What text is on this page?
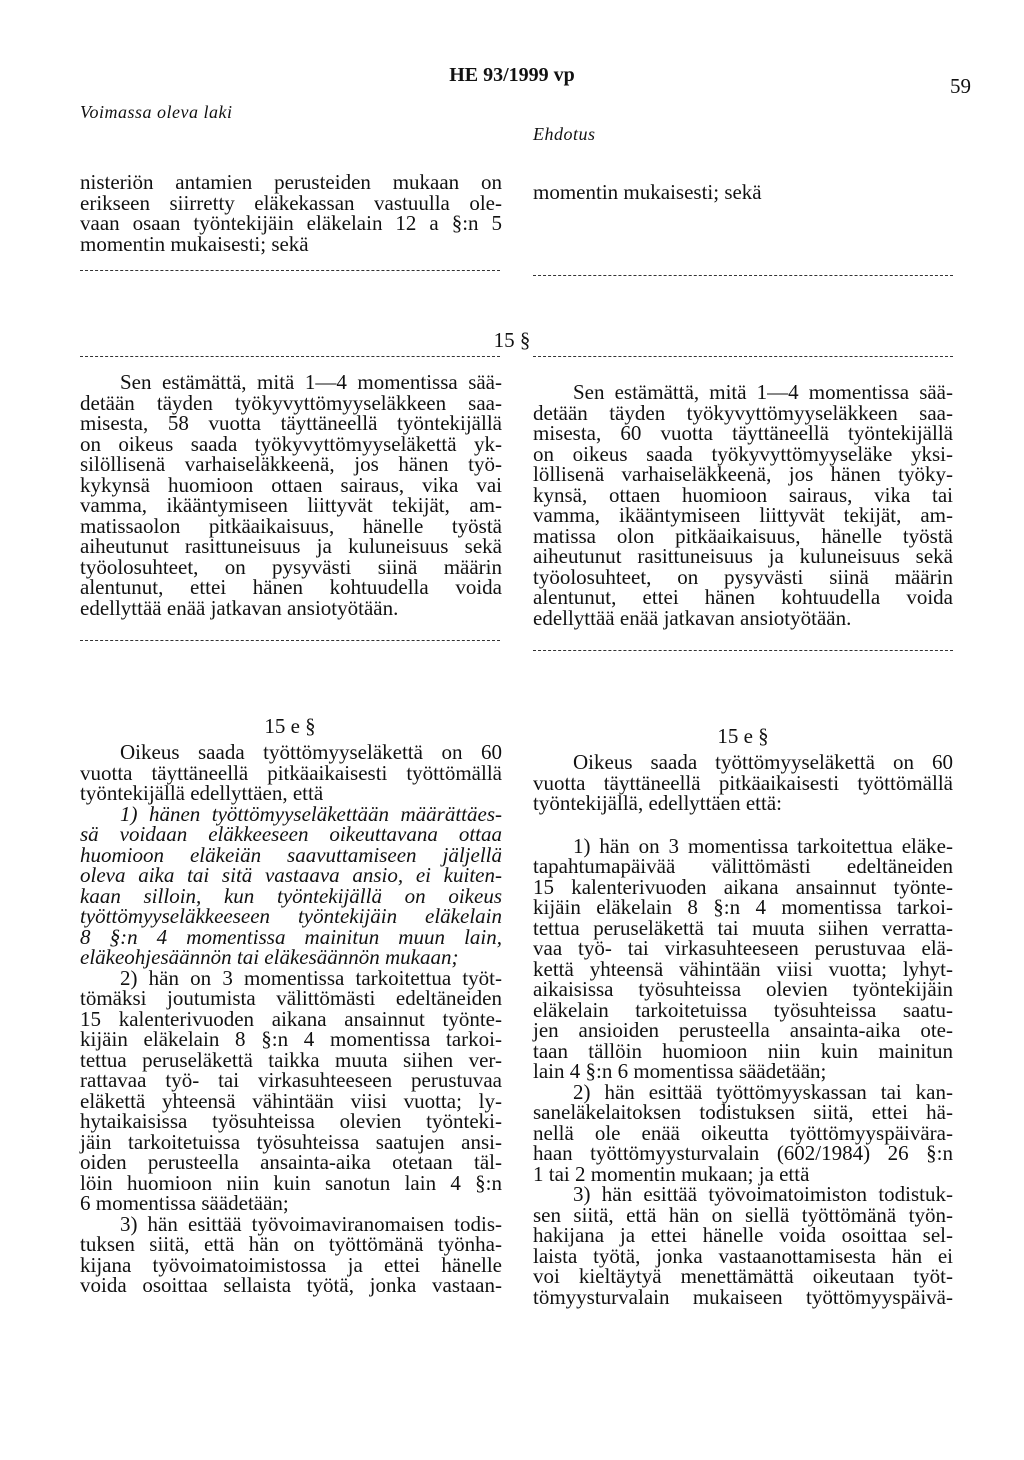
HE 93/1999 vp	59
Voimassa oleva laki
Ehdotus

nisteriön antamien perusteiden mukaan on

erikseen siirretty eläkekassan vastuulla ole-

vaan osaan työntekijäin eläkelain 12 a §:n 5

momentin mukaisesti; sekä

momentin mukaisesti; sekä

15 §

Sen estämättä, mitä 1—4 momentissa sää-

detään täyden työkyvyttömyyseläkkeen saa-

misesta, 58 vuotta täyttäneellä työntekijällä

on oikeus saada työkyvyttömyyseläkettä yk-

silöllisenä varhaiseläkkeenä, jos hänen työ-

kykynsä huomioon ottaen sairaus, vika vai

vamma, ikääntymiseen liittyvät tekijät, am-

matissaolon pitkäaikaisuus, hänelle työstä

aiheutunut rasittuneisuus ja kuluneisuus sekä

työolosuhteet, on pysyvästi siinä määrin

alentunut, ettei hänen kohtuudella voida

edellyttää enää jatkavan ansiotyötään.

Sen estämättä, mitä 1—4 momentissa sää-

detään täyden työkyvyttömyyseläkkeen saa-

misesta, 60 vuotta täyttäneellä työntekijällä

on oikeus saada työkyvyttömyyseläke yksi-

löllisenä varhaiseläkkeenä, jos hänen työky-

kynsä, ottaen huomioon sairaus, vika tai

vamma, ikääntymiseen liittyvät tekijät, am-

matissa olon pitkäaikaisuus, hänelle työstä

aiheutunut rasittuneisuus ja kuluneisuus sekä

työolosuhteet, on pysyvästi siinä määrin

alentunut, ettei hänen kohtuudella voida

edellyttää enää jatkavan ansiotyötään.

15 e §	15 e §

Oikeus saada työttömyyseläkettä on 60

vuotta täyttäneellä pitkäaikaisesti työttömällä

työntekijällä edellyttäen, että

1) hänen työttömyyseläkettään määrättäes-

sä voidaan eläkkeeseen oikeuttavana ottaa

huomioon eläkeiän saavuttamiseen jäljellä

oleva aika tai sitä vastaava ansio, ei kuiten-

kaan silloin, kun työntekijällä on oikeus

työttömyyseläkkeeseen työntekijäin eläkelain

8 §:n 4 momentissa mainitun muun lain,

eläkeohjesäännön tai eläkesäännön mukaan;

2) hän on 3 momentissa tarkoitettua työt-

tömäksi joutumista välittömästi edeltäneiden

15 kalenterivuoden aikana ansainnut työnte-

kijäin eläkelain 8 §:n 4 momentissa tarkoi-

tettua peruseläkettä taikka muuta siihen ver-

rattavaa työ- tai virkasuhteeseen perustuvaa

eläkettä yhteensä vähintään viisi vuotta; ly-

hytaikaisissa työsuhteissa olevien työnteki-

jäin tarkoitetuissa työsuhteissa saatujen ansi-

oiden perusteella ansainta-aika otetaan täl-

löin huomioon niin kuin sanotun lain 4 §:n

6 momentissa säädetään;

3) hän esittää työvoimaviranomaisen todis-

tuksen siitä, että hän on työttömänä työnha-

kijana työvoimatoimistossa ja ettei hänelle

voida osoittaa sellaista työtä, jonka vastaan-

Oikeus saada työttömyyseläkettä on 60

vuotta täyttäneellä pitkäaikaisesti työttömällä

työntekijällä, edellyttäen että:

1) hän on 3 momentissa tarkoitettua eläke-

tapahtumapäivää välittömästi edeltäneiden

15 kalenterivuoden aikana ansainnut työnte-

kijäin eläkelain 8 §:n 4 momentissa tarkoi-

tettua peruseläkettä tai muuta siihen verratta-

vaa työ- tai virkasuhteeseen perustuvaa elä-

kettä yhteensä vähintään viisi vuotta; lyhyt-

aikaisissa työsuhteissa olevien työntekijäin

eläkelain tarkoitetuissa työsuhteissa saatu-

jen ansioiden perusteella ansainta-aika ote-

taan tällöin huomioon niin kuin mainitun

lain 4 §:n 6 momentissa säädetään;

2) hän esittää työttömyyskassan tai kan-

saneläkelaitoksen todistuksen siitä, ettei hä-

nellä ole enää oikeutta työttömyyspäivära-

haan työttömyysturvalain (602/1984) 26 §:n

1 tai 2 momentin mukaan; ja että

3) hän esittää työvoimatoimiston todistuk-

sen siitä, että hän on siellä työttömänä työn-

hakijana ja ettei hänelle voida osoittaa sel-

laista työtä, jonka vastaanottamisesta hän ei

voi kieltäytyä menettämättä oikeutaan työt-

tömyysturvalain mukaiseen työttömyyspäivä-
